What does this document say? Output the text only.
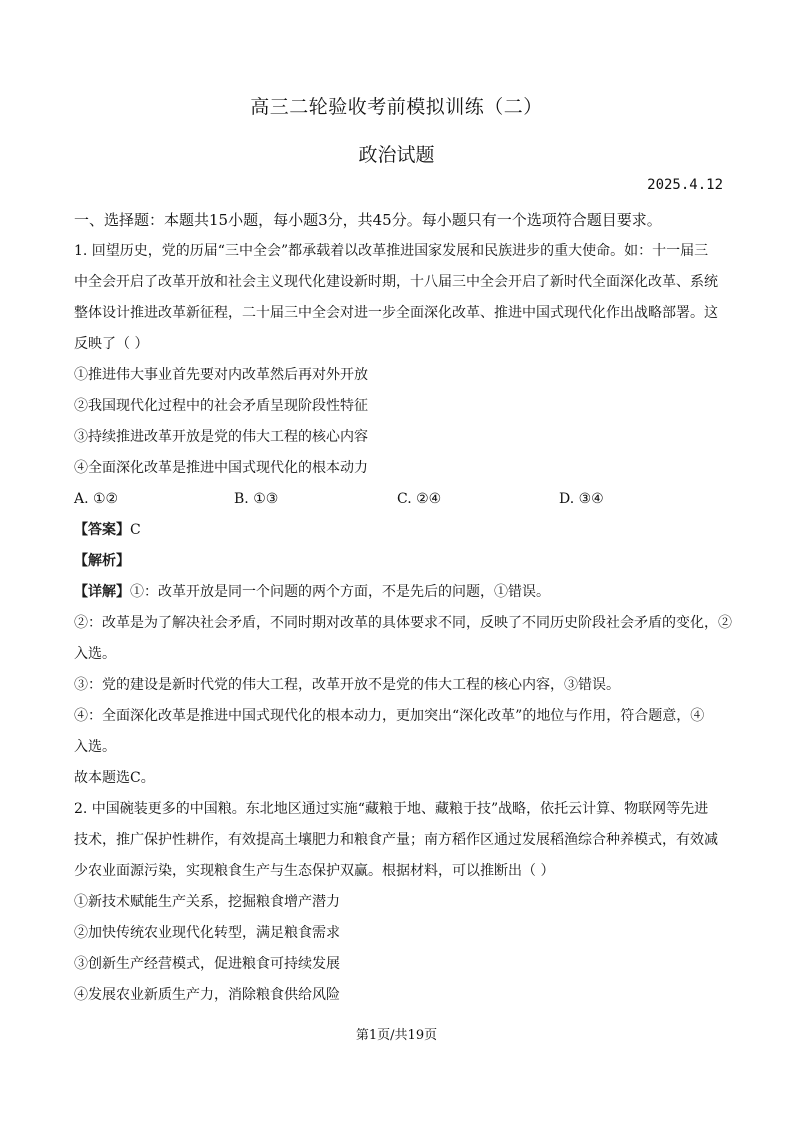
高三二轮验收考前模拟训练（二）
政治试题
2025.4.12

一、选择题：本题共15小题，每小题3分，共45分。每小题只有一个选项符合题目要求。

1. 回望历史，党的历届“三中全会”都承载着以改革推进国家发展和民族进步的重大使命。如：十一届三

中全会开启了改革开放和社会主义现代化建设新时期，十八届三中全会开启了新时代全面深化改革、系统

整体设计推进改革新征程，二十届三中全会对进一步全面深化改革、推进中国式现代化作出战略部署。这

反映了（ ）

①推进伟大事业首先要对内改革然后再对外开放

②我国现代化过程中的社会矛盾呈现阶段性特征

③持续推进改革开放是党的伟大工程的核心内容

④全面深化改革是推进中国式现代化的根本动力

A. ①②	B. ①③	C. ②④	D. ③④

【答案】C

【解析】

【详解】①：改革开放是同一个问题的两个方面，不是先后的问题，①错误。

②：改革是为了解决社会矛盾，不同时期对改革的具体要求不同，反映了不同历史阶段社会矛盾的变化，②

入选。

③：党的建设是新时代党的伟大工程，改革开放不是党的伟大工程的核心内容，③错误。

④：全面深化改革是推进中国式现代化的根本动力，更加突出“深化改革”的地位与作用，符合题意，④

入选。

故本题选C。

2. 中国碗装更多的中国粮。东北地区通过实施“藏粮于地、藏粮于技”战略，依托云计算、物联网等先进

技术，推广保护性耕作，有效提高土壤肥力和粮食产量；南方稻作区通过发展稻渔综合种养模式，有效减

少农业面源污染，实现粮食生产与生态保护双赢。根据材料，可以推断出（ ）

①新技术赋能生产关系，挖掘粮食增产潜力

②加快传统农业现代化转型，满足粮食需求

③创新生产经营模式，促进粮食可持续发展

④发展农业新质生产力，消除粮食供给风险

第1页/共19页
